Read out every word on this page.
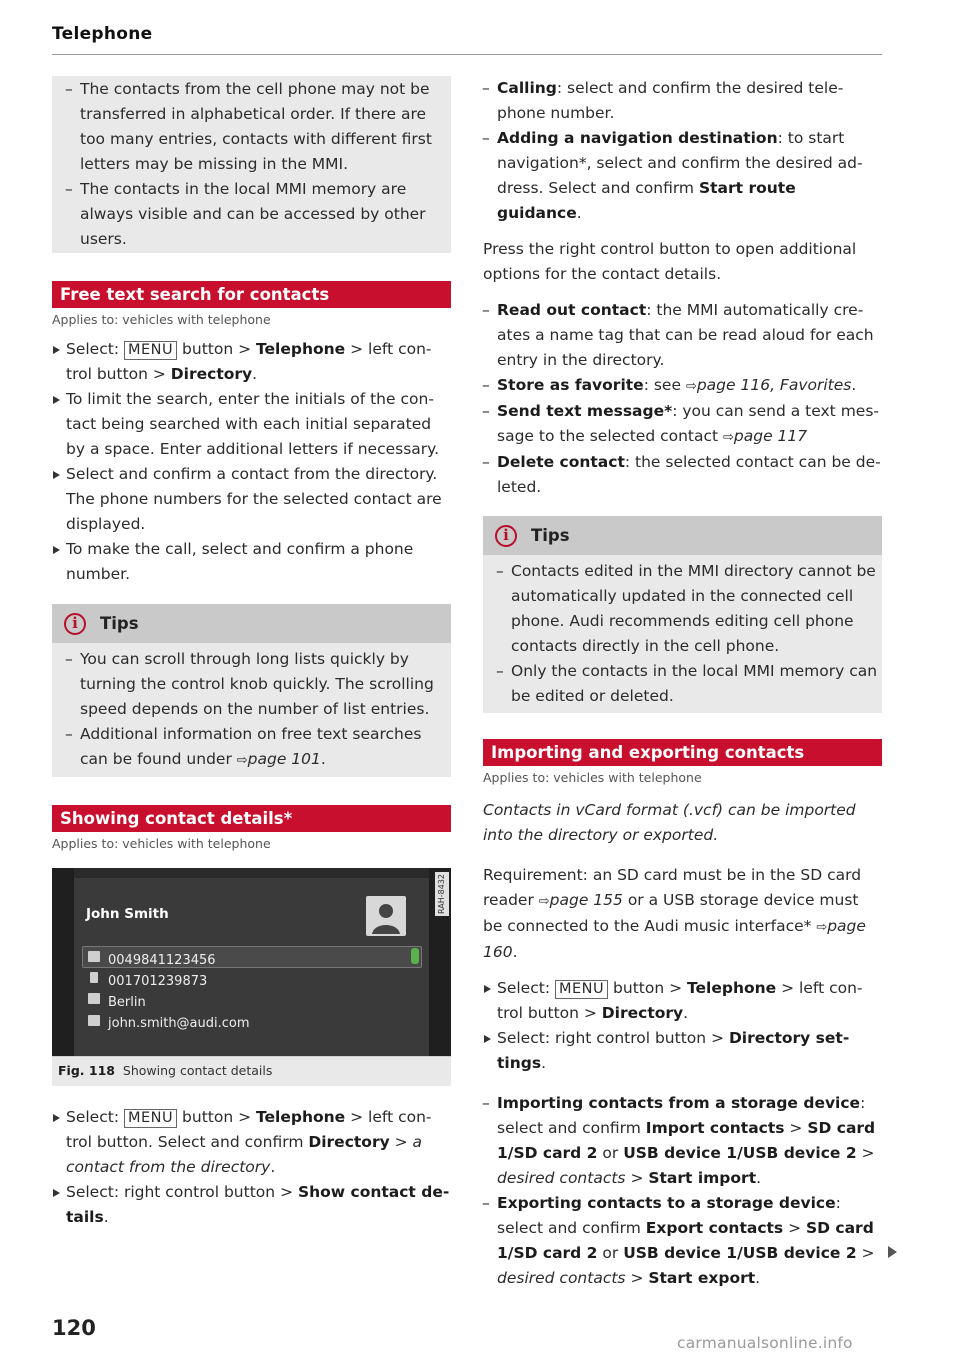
Telephone
– The contacts from the cell phone may not be transferred in alphabetical order. If there are too many entries, contacts with different first letters may be missing in the MMI.
– The contacts in the local MMI memory are always visible and can be accessed by other users.
Free text search for contacts
Applies to: vehicles with telephone
Select: MENU button > Telephone > left control button > Directory.
To limit the search, enter the initials of the contact being searched with each initial separated by a space. Enter additional letters if necessary.
Select and confirm a contact from the directory. The phone numbers for the selected contact are displayed.
To make the call, select and confirm a phone number.
i	Tips
– You can scroll through long lists quickly by turning the control knob quickly. The scrolling speed depends on the number of list entries.
– Additional information on free text searches can be found under ⇨page 101.
Showing contact details*
Applies to: vehicles with telephone
John Smith
0049841123456
001701239873
Berlin
john.smith@audi.com
RAH-8432
Fig. 118 Showing contact details
Select: MENU button > Telephone > left control button. Select and confirm Directory > a contact from the directory.
Select: right control button > Show contact details.
– Calling: select and confirm the desired telephone number.
– Adding a navigation destination: to start navigation*, select and confirm the desired address. Select and confirm Start route guidance.

Press the right control button to open additional options for the contact details.

– Read out contact: the MMI automatically creates a name tag that can be read aloud for each entry in the directory.
– Store as favorite: see ⇨page 116, Favorites.
– Send text message*: you can send a text message to the selected contact ⇨page 117
– Delete contact: the selected contact can be deleted.
i	Tips
– Contacts edited in the MMI directory cannot be automatically updated in the connected cell phone. Audi recommends editing cell phone contacts directly in the cell phone.
– Only the contacts in the local MMI memory can be edited or deleted.
Importing and exporting contacts
Applies to: vehicles with telephone

Contacts in vCard format (.vcf) can be imported into the directory or exported.

Requirement: an SD card must be in the SD card reader ⇨page 155 or a USB storage device must be connected to the Audi music interface* ⇨page 160.

Select: MENU button > Telephone > left control button > Directory.
Select: right control button > Directory settings.
– Importing contacts from a storage device: select and confirm Import contacts > SD card 1/SD card 2 or USB device 1/USB device 2 > desired contacts > Start import.
– Exporting contacts to a storage device: select and confirm Export contacts > SD card 1/SD card 2 or USB device 1/USB device 2 > desired contacts > Start export.
120
carmanualsonline.info
